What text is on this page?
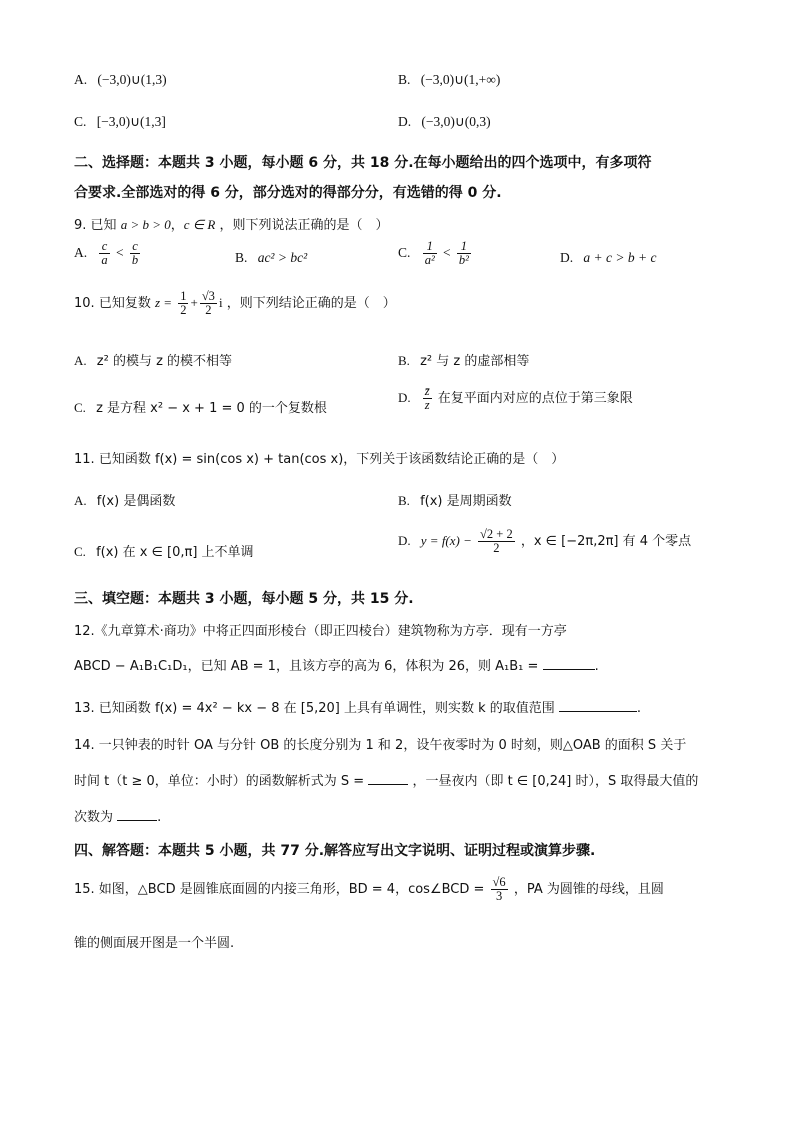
A. (−3,0)∪(1,3)	B. (−3,0)∪(1,+∞)
C. [−3,0)∪(1,3]	D. (−3,0)∪(0,3)
二、选择题：本题共 3 小题，每小题 6 分，共 18 分.在每小题给出的四个选项中，有多项符
合要求.全部选对的得 6 分，部分选对的得部分分，有选错的得 0 分.
9. 已知 a > b > 0，c ∈ R ，则下列说法正确的是（　）
A. $\frac{c}{a} < \frac{c}{b}$	B. ac² > bc²	C. $\frac{1}{\text{a²}} < \frac{1}{\text{b²}}$	D. a + c > b + c
10. 已知复数 $z = \frac{1}{2} + \frac{√3}{2}$ i ，则下列结论正确的是（　）
A. z² 的模与 z 的模不相等	B. z² 与 z 的虚部相等
C. z 是方程 x² − x + 1 = 0 的一个复数根
D. $\frac{z̄}{z}$ 在复平面内对应的点位于第三象限
11. 已知函数 f(x) = sin(cos x) + tan(cos x)，下列关于该函数结论正确的是（　）
A. f(x) 是偶函数	B. f(x) 是周期函数
C. f(x) 在 x ∈ [0,π] 上不单调
D. $y = f(x) - \frac{√2 + 2}{2}$ ，x ∈ [−2π,2π] 有 4 个零点
三、填空题：本题共 3 小题，每小题 5 分，共 15 分.
12.《九章算术·商功》中将正四面形棱台（即正四棱台）建筑物称为方亭．现有一方亭
ABCD − A₁B₁C₁D₁，已知 AB = 1，且该方亭的高为 6，体积为 26，则 A₁B₁ =	.
13. 已知函数 f(x) = 4x² − kx − 8 在 [5,20] 上具有单调性，则实数 k 的取值范围	.
14. 一只钟表的时针 OA 与分针 OB 的长度分别为 1 和 2，设午夜零时为 0 时刻，则△OAB 的面积 S 关于
时间 t（t ≥ 0，单位：小时）的函数解析式为 S =	，一昼夜内（即 t ∈ [0,24] 时），S 取得最大值的
次数为	.
四、解答题：本题共 5 小题，共 77 分.解答应写出文字说明、证明过程或演算步骤.
15. 如图，△BCD 是圆锥底面圆的内接三角形，BD = 4，cos∠BCD = $\frac{√6}{3}$ ，PA 为圆锥的母线，且圆
锥的侧面展开图是一个半圆.
